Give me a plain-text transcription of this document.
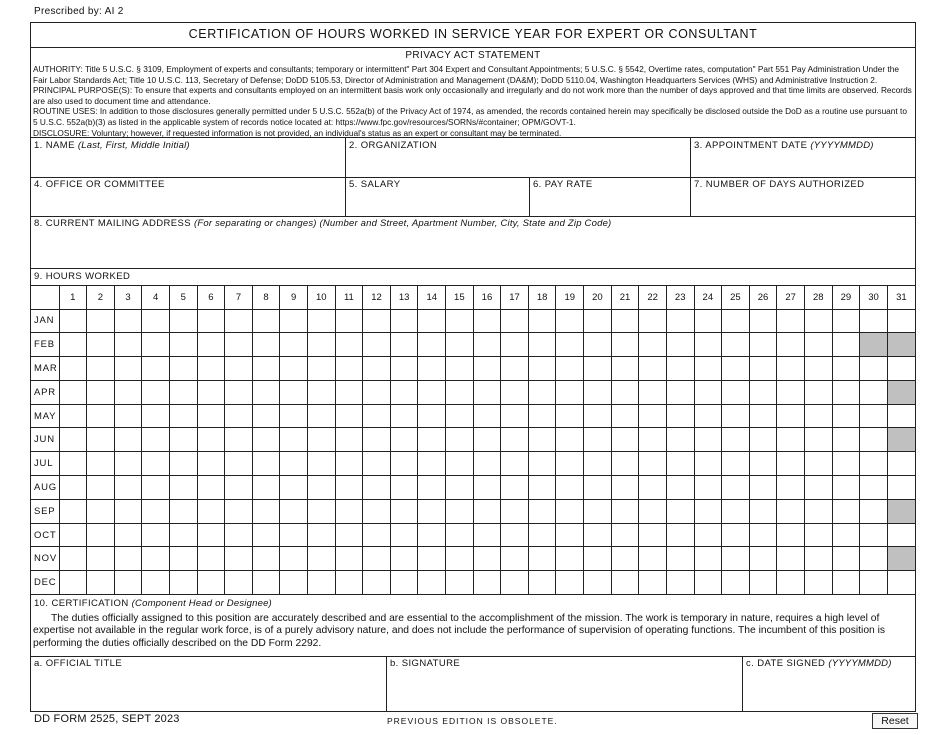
Prescribed by: AI 2
CERTIFICATION OF HOURS WORKED IN SERVICE YEAR FOR EXPERT OR CONSULTANT
PRIVACY ACT STATEMENT

AUTHORITY: Title 5 U.S.C. § 3109, Employment of experts and consultants; temporary or intermittent" Part 304 Expert and Consultant Appointments; 5 U.S.C. § 5542, Overtime rates, computation" Part 551 Pay Administration Under the Fair Labor Standards Act; Title 10 U.S.C. 113, Secretary of Defense; DoDD 5105.53, Director of Administration and Management (DA&M); DoDD 5110.04, Washington Headquarters Services (WHS) and Administrative Instruction 2.

PRINCIPAL PURPOSE(S): To ensure that experts and consultants employed on an intermittent basis work only occasionally and irregularly and do not work more than the number of days approved and that time limits are observed. Records are also used to document time and attendance.

ROUTINE USES: In addition to those disclosures generally permitted under 5 U.S.C. 552a(b) of the Privacy Act of 1974, as amended, the records contained herein may specifically be disclosed outside the DoD as a routine use pursuant to 5 U.S.C. 552a(b)(3) as listed in the applicable system of records notice located at: https://www.fpc.gov/resources/SORNs/#container; OPM/GOVT-1.

DISCLOSURE: Voluntary; however, if requested information is not provided, an individual's status as an expert or consultant may be terminated.

1. NAME (Last, First, Middle Initial)	2. ORGANIZATION	3. APPOINTMENT DATE (YYYYMMDD)
4. OFFICE OR COMMITTEE	5. SALARY	6. PAY RATE	7. NUMBER OF DAYS AUTHORIZED
8. CURRENT MAILING ADDRESS (For separating or changes) (Number and Street, Apartment Number, City, State and Zip Code)
9. HOURS WORKED
	1	2	3	4	5	6	7	8	9	10	11	12	13	14	15	16	17	18	19	20	21	22	23	24	25	26	27	28	29	30	31
JAN																															
FEB																															
MAR																															
APR																															
MAY																															
JUN																															
JUL																															
AUG																															
SEP																															
OCT																															
NOV																															
DEC																															
10. CERTIFICATION (Component Head or Designee)

The duties officially assigned to this position are accurately described and are essential to the accomplishment of the mission. The work is temporary in nature, requires a high level of expertise not available in the regular work force, is of a purely advisory nature, and does not include the performance of supervision of operating functions. The incumbent of this position is performing the duties officially described on the DD Form 2292.

a. OFFICIAL TITLE	b. SIGNATURE	c. DATE SIGNED (YYYYMMDD)
DD FORM 2525, SEPT 2023	PREVIOUS EDITION IS OBSOLETE.	Reset
